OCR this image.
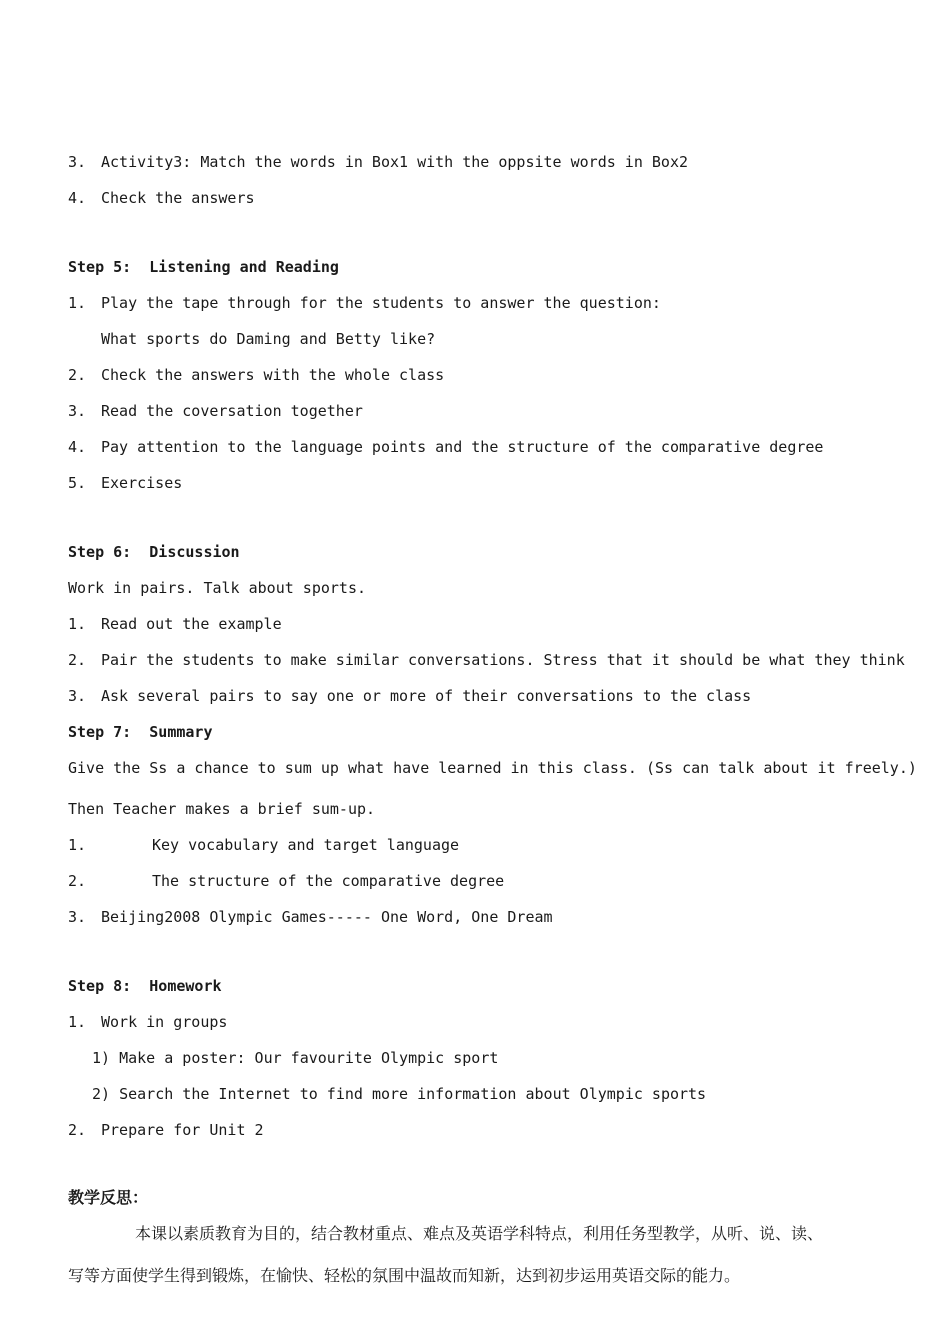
3. Activity3: Match the words in Box1 with the oppsite words in Box2
4. Check the answers
Step 5:  Listening and Reading
1. Play the tape through for the students to answer the question:
What sports do Daming and Betty like?
2. Check the answers with the whole class
3. Read the coversation together
4. Pay attention to the language points and the structure of the comparative degree
5. Exercises
Step 6:  Discussion
Work in pairs. Talk about sports.
1. Read out the example
2. Pair the students to make similar conversations. Stress that it should be what they think
3. Ask several pairs to say one or more of their conversations to the class
Step 7:  Summary
Give the Ss a chance to sum up what have learned in this class. (Ss can talk about it freely.)
Then Teacher makes a brief sum-up.
1.	Key vocabulary and target language
2.	The structure of the comparative degree
3. Beijing2008 Olympic Games----- One Word, One Dream
Step 8:  Homework
1. Work in groups
1) Make a poster: Our favourite Olympic sport
2) Search the Internet to find more information about Olympic sports
2. Prepare for Unit 2
教学反思：
本课以素质教育为目的，结合教材重点、难点及英语学科特点，利用任务型教学，从听、说、读、
写等方面使学生得到锻炼，在愉快、轻松的氛围中温故而知新，达到初步运用英语交际的能力。
